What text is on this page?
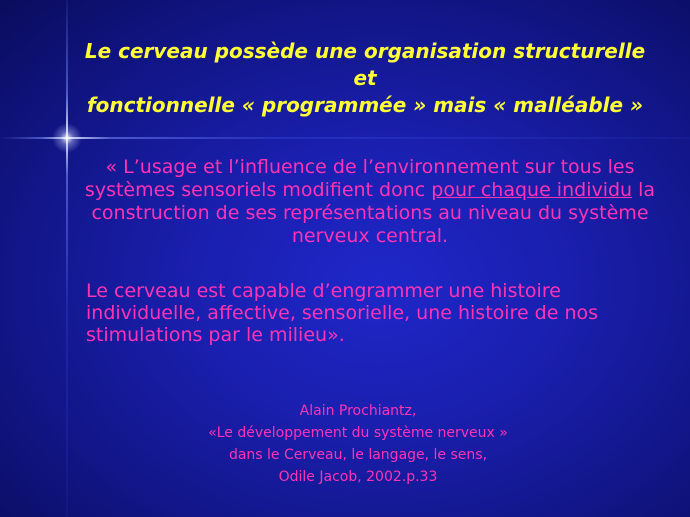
Le cerveau possède une organisation structurelle et
fonctionnelle « programmée » mais « malléable »

« L’usage et l’influence de l’environnement sur tous les systèmes sensoriels modifient donc pour chaque individu la construction de ses représentations au niveau du système nerveux central.

Le cerveau est capable d’engrammer une histoire individuelle, affective, sensorielle, une histoire de nos stimulations par le milieu».

Alain Prochiantz,
«Le développement du système nerveux »
dans le Cerveau, le langage, le sens,
Odile Jacob, 2002.p.33
